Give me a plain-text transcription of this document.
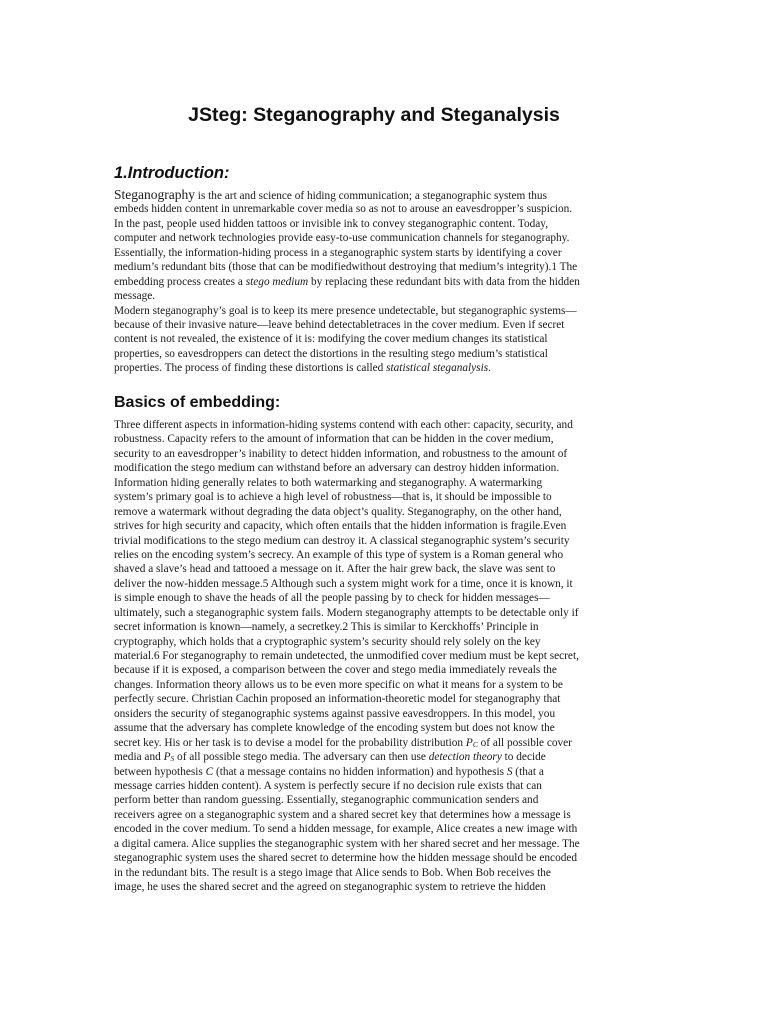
JSteg: Steganography and Steganalysis
1.Introduction:
Steganography is the art and science of hiding communication; a steganographic system thus
embeds hidden content in unremarkable cover media so as not to arouse an eavesdropper’s suspicion.
In the past, people used hidden tattoos or invisible ink to convey steganographic content. Today,
computer and network technologies provide easy-to-use communication channels for steganography.
Essentially, the information-hiding process in a steganographic system starts by identifying a cover
medium’s redundant bits (those that can be modifiedwithout destroying that medium’s integrity).1 The
embedding process creates a stego medium by replacing these redundant bits with data from the hidden
message.
Modern steganography’s goal is to keep its mere presence undetectable, but steganographic systems—
because of their invasive nature—leave behind detectabletraces in the cover medium. Even if secret
content is not revealed, the existence of it is: modifying the cover medium changes its statistical
properties, so eavesdroppers can detect the distortions in the resulting stego medium’s statistical
properties. The process of finding these distortions is called statistical steganalysis.
Basics of embedding:
Three different aspects in information-hiding systems contend with each other: capacity, security, and
robustness. Capacity refers to the amount of information that can be hidden in the cover medium,
security to an eavesdropper’s inability to detect hidden information, and robustness to the amount of
modification the stego medium can withstand before an adversary can destroy hidden information.
Information hiding generally relates to both watermarking and steganography. A watermarking
system’s primary goal is to achieve a high level of robustness—that is, it should be impossible to
remove a watermark without degrading the data object’s quality. Steganography, on the other hand,
strives for high security and capacity, which often entails that the hidden information is fragile.Even
trivial modifications to the stego medium can destroy it. A classical steganographic system’s security
relies on the encoding system’s secrecy. An example of this type of system is a Roman general who
shaved a slave’s head and tattooed a message on it. After the hair grew back, the slave was sent to
deliver the now-hidden message.5 Although such a system might work for a time, once it is known, it
is simple enough to shave the heads of all the people passing by to check for hidden messages—
ultimately, such a steganographic system fails. Modern steganography attempts to be detectable only if
secret information is known—namely, a secretkey.2 This is similar to Kerckhoffs’ Principle in
cryptography, which holds that a cryptographic system’s security should rely solely on the key
material.6 For steganography to remain undetected, the unmodified cover medium must be kept secret,
because if it is exposed, a comparison between the cover and stego media immediately reveals the
changes. Information theory allows us to be even more specific on what it means for a system to be
perfectly secure. Christian Cachin proposed an information-theoretic model for steganography that
onsiders the security of steganographic systems against passive eavesdroppers. In this model, you
assume that the adversary has complete knowledge of the encoding system but does not know the
secret key. His or her task is to devise a model for the probability distribution PC of all possible cover
media and PS of all possible stego media. The adversary can then use detection theory to decide
between hypothesis C (that a message contains no hidden information) and hypothesis S (that a
message carries hidden content). A system is perfectly secure if no decision rule exists that can
perform better than random guessing. Essentially, steganographic communication senders and
receivers agree on a steganographic system and a shared secret key that determines how a message is
encoded in the cover medium. To send a hidden message, for example, Alice creates a new image with
a digital camera. Alice supplies the steganographic system with her shared secret and her message. The
steganographic system uses the shared secret to determine how the hidden message should be encoded
in the redundant bits. The result is a stego image that Alice sends to Bob. When Bob receives the
image, he uses the shared secret and the agreed on steganographic system to retrieve the hidden
